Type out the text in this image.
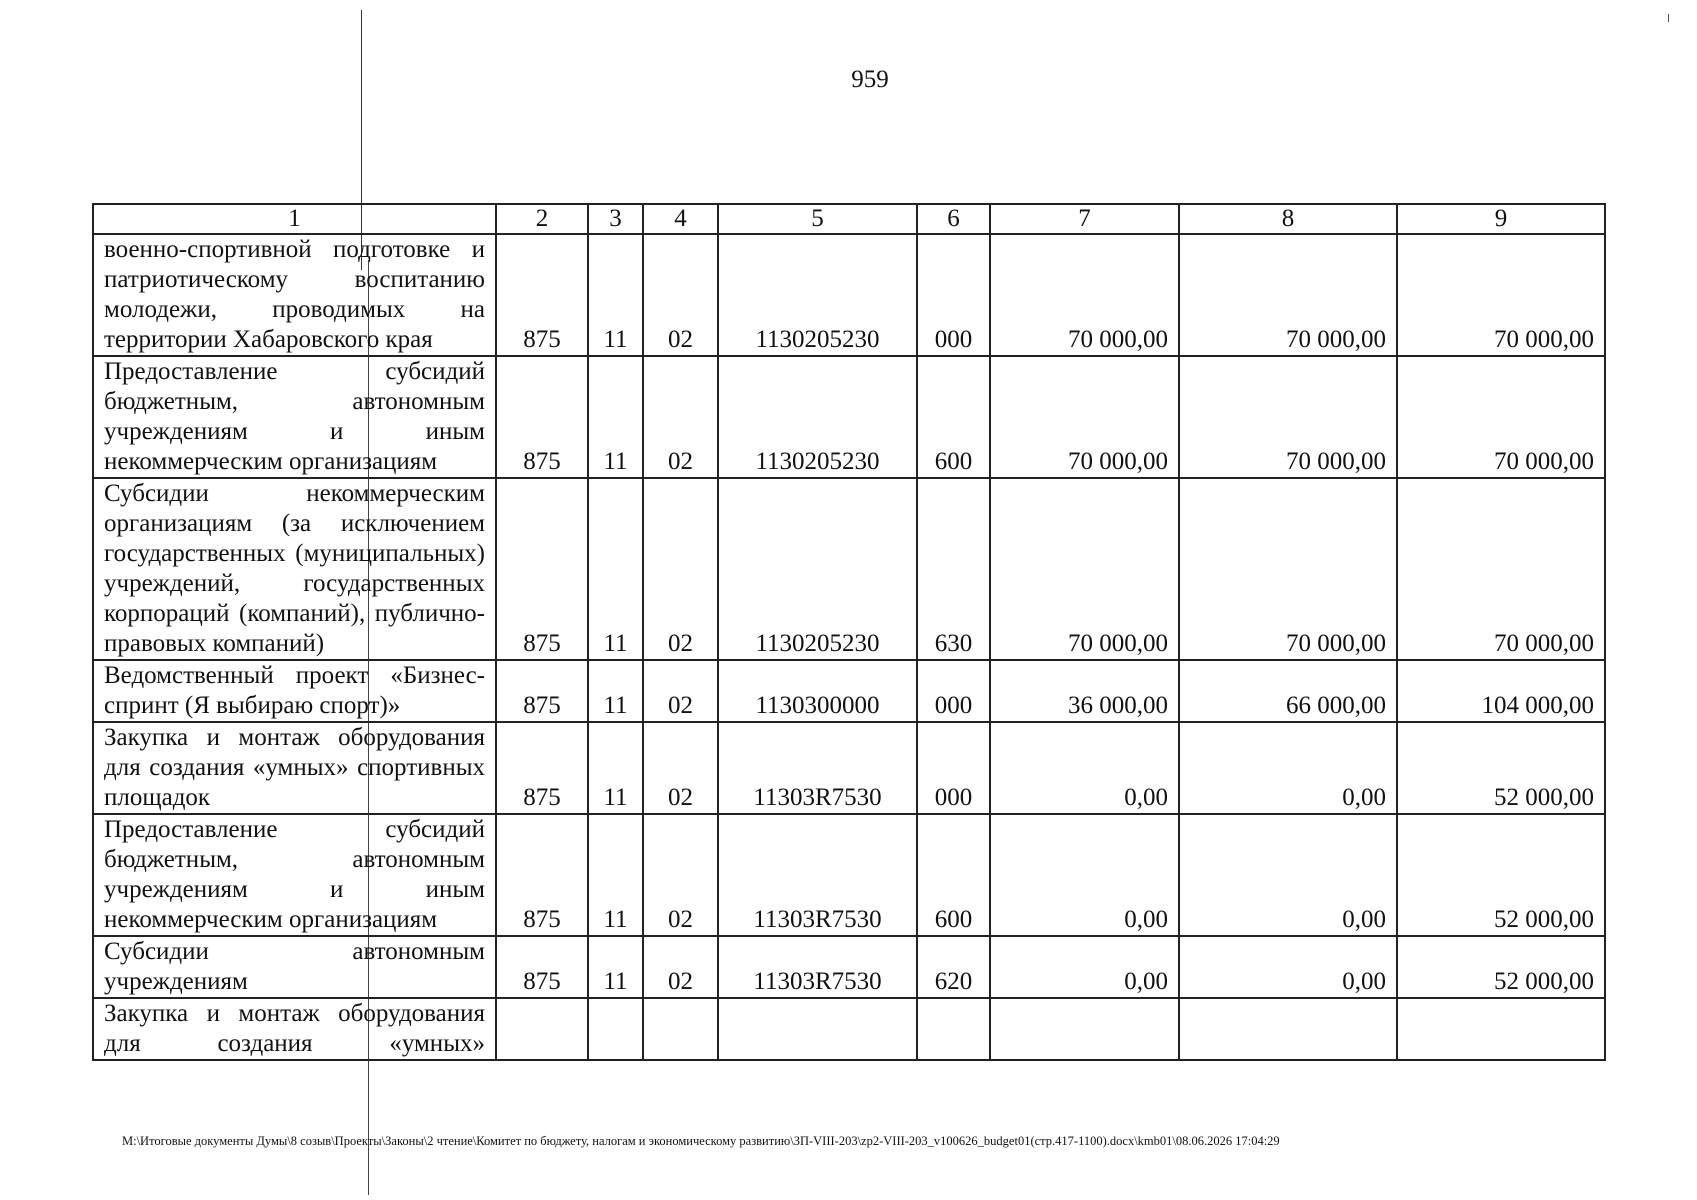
959
1	2	3	4	5	6	7	8	9
военно-спортивной подготовке и патриотическому воспитанию молодежи, проводимых на территории Хабаровского края	875	11	02	1130205230	000	70 000,00	70 000,00	70 000,00
Предоставление субсидий бюджетным, автономным учреждениям и иным некоммерческим организациям	875	11	02	1130205230	600	70 000,00	70 000,00	70 000,00
Субсидии некоммерческим организациям (за исключением государственных (муниципальных) учреждений, государственных корпораций (компаний), публично-правовых компаний)	875	11	02	1130205230	630	70 000,00	70 000,00	70 000,00
Ведомственный проект «Бизнес-спринт (Я выбираю спорт)»	875	11	02	1130300000	000	36 000,00	66 000,00	104 000,00
Закупка и монтаж оборудования для создания «умных» спортивных площадок	875	11	02	11303R7530	000	0,00	0,00	52 000,00
Предоставление субсидий бюджетным, автономным учреждениям и иным некоммерческим организациям	875	11	02	11303R7530	600	0,00	0,00	52 000,00
Субсидии автономным учреждениям	875	11	02	11303R7530	620	0,00	0,00	52 000,00
Закупка и монтаж оборудования для создания «умных»								
M:\Итоговые документы Думы\8 созыв\Проекты\Законы\2 чтение\Комитет по бюджету, налогам и экономическому развитию\ЗП-VIII-203\zp2-VIII-203_v100626_budget01(стр.417-1100).docx\kmb01\08.06.2026 17:04:29
